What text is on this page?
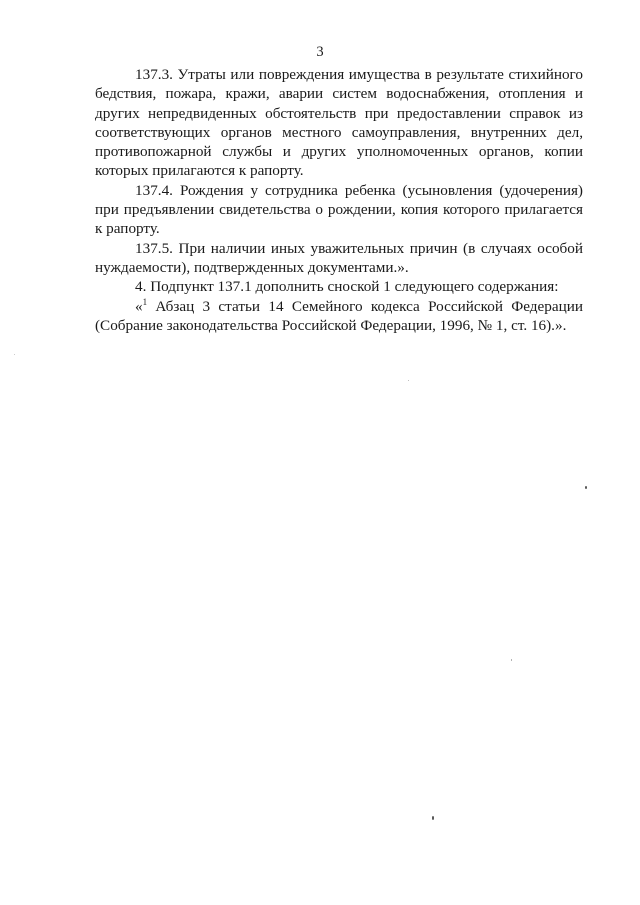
3

137.3. Утраты или повреждения имущества в результате стихийного бедствия, пожара, кражи, аварии систем водоснабжения, отопления и других непредвиденных обстоятельств при предоставлении справок из соответствующих органов местного самоуправления, внутренних дел, противопожарной службы и других уполномоченных органов, копии которых прилагаются к рапорту.

137.4. Рождения у сотрудника ребенка (усыновления (удочерения) при предъявлении свидетельства о рождении, копия которого прилагается к рапорту.

137.5. При наличии иных уважительных причин (в случаях особой нуждаемости), подтвержденных документами.».

4. Подпункт 137.1 дополнить сноской 1 следующего содержания:

«$^1$ Абзац 3 статьи 14 Семейного кодекса Российской Федерации (Собрание законодательства Российской Федерации, 1996, № 1, ст. 16).».
